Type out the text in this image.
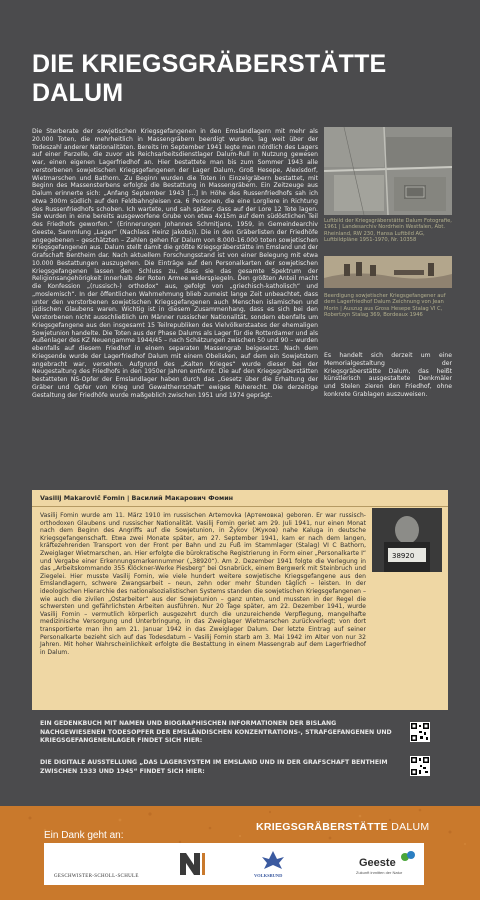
DIE KRIEGSGRÄBERSTÄTTE DALUM
Die Sterberate der sowjetischen Kriegsgefangenen in den Emslandlagern mit mehr als 20.000 Toten, die mehrheitlich in Massengräbern beerdigt wurden, lag weit über der Todeszahl anderer Nationalitäten. Bereits im September 1941 legte man nördlich des Lagers auf einer Parzelle, die zuvor als Reichsarbeitsdienstlager Dalum-Rull in Nutzung gewesen war, einen eigenen Lagerfriedhof an. Hier bestattete man bis zum Sommer 1943 alle verstorbenen sowjetischen Kriegsgefangenen der Lager Dalum, Groß Hesepe, Alexisdorf, Wietmarschen und Bathorn. Zu Beginn wurden die Toten in Einzelgräbern bestattet, mit Beginn des Massensterbens erfolgte die Bestattung in Massengräbern. Ein Zeitzeuge aus Dalum erinnerte sich: „Anfang September 1943 [...] In Höhe des Russenfriedhofs sah ich etwa 300m südlich auf den Feldbahngleisen ca. 6 Personen, die eine Lorgliere in Richtung des Russenfriedhofs schoben. Ich wartete, und sah später, dass auf der Lore 12 Tote lagen. Sie wurden in eine bereits ausgeworfene Grube von etwa 4x15m auf dem südöstlichen Teil des Friedhofs geworfen.“ (Erinnerungen Johannes Schmitjans, 1959, in Gemeindearchiv Geeste, Sammlung „Lager“ (Nachlass Heinz Jakobs)). Die in den Gräberlisten der Friedhöfe angegebenen – geschätzten – Zahlen gehen für Dalum von 8.000-16.000 toten sowjetischen Kriegsgefangenen aus. Dalum stellt damit die größte Kriegsgräberstätte im Emsland und der Grafschaft Bentheim dar. Nach aktuellem Forschungsstand ist von einer Belegung mit etwa 10.000 Bestattungen auszugehen. Die Einträge auf den Personalkarten der sowjetischen Kriegsgefangenen lassen den Schluss zu, dass sie das gesamte Spektrum der Religionsangehörigkeit innerhalb der Roten Armee widerspiegeln. Den größten Anteil macht die Konfession „(russisch-) orthodox“ aus, gefolgt von „griechisch-katholisch“ und „moslemisch“. In der öffentlichen Wahrnehmung blieb zumeist lange Zeit unbeachtet, dass unter den verstorbenen sowjetischen Kriegsgefangenen auch Menschen islamischen und jüdischen Glaubens waren. Wichtig ist in diesem Zusammenhang, dass es sich bei den Verstorbenen nicht ausschließlich um Männer russischer Nationalität, sondern ebenfalls um Kriegsgefangene aus den insgesamt 15 Teilrepubliken des Vielvölkerstaates der ehemaligen Sowjetunion handelte. Die Toten aus der Phase Dalums als Lager für die Rotterdamer und als Außenlager des KZ Neuengamme 1944/45 – nach Schätzungen zwischen 50 und 90 – wurden ebenfalls auf diesem Friedhof in einem separaten Massengrab beigesetzt. Nach dem Kriegsende wurde der Lagerfriedhof Dalum mit einem Obelisken, auf dem ein Sowjetstern angebracht war, versehen. Aufgrund des „Kalten Krieges“ wurde dieser bei der Neugestaltung des Friedhofs in den 1950er Jahren entfernt. Die auf den Kriegsgräberstätten bestatteten NS-Opfer der Emslandlager haben durch das „Gesetz über die Erhaltung der Gräber und Opfer von Krieg und Gewaltherrschaft“ ewiges Ruherecht. Die derzeitige Gestaltung der Friedhöfe wurde maßgeblich zwischen 1951 und 1974 geprägt.
Luftbild der Kriegsgräberstätte Dalum Fotografie, 1961 | Landesarchiv Nordrhein Westfalen, Abt. Rheinland, RW 230, Hansa Luftbild AG, Luftbildpläne 1951-1970, Nr. 10358
Beerdigung sowjetischer Kriegsgefangener auf dem Lagerfriedhof Dalum Zeichnung von Jean Morin | Auszug aus Gross Hesepe Stalag VI C, Robertzyn Stalag 369, Bordeaux 1946
Es handelt sich derzeit um eine Memorialgestaltung der Kriegsgräberstätte Dalum, das heißt künstlerisch ausgestaltete Denkmäler und Stelen zieren den Friedhof, ohne konkrete Grablagen auszuweisen.
Vasilij Makarovič Fomin | Василий Макарович Фомин
38920
Vasilij Fomin wurde am 11. März 1910 im russischen Artemovka (Артемовка) geboren. Er war russisch-orthodoxen Glaubens und russischer Nationalität. Vasilij Fomin geriet am 29. Juli 1941, nur einen Monat nach dem Beginn des Angriffs auf die Sowjetunion, in Žykov (Жуков) nahe Kaluga in deutsche Kriegsgefangenschaft. Etwa zwei Monate später, am 27. September 1941, kam er nach dem langen, kräftezehrenden Transport von der Front per Bahn und zu Fuß im Stammlager (Stalag) VI C Bathorn, Zweiglager Wietmarschen, an. Hier erfolgte die bürokratische Registrierung in Form einer „Personalkarte I“ und Vergabe einer Erkennungsmarkennummer („38920“). Am 2. Dezember 1941 folgte die Verlegung in das „Arbeitskommando 355 Klöckner-Werke Piesberg“ bei Osnabrück, einem Bergwerk mit Steinbruch und Ziegelei. Hier musste Vasilij Fomin, wie viele hundert weitere sowjetische Kriegsgefangene aus den Emslandlagern, schwere Zwangsarbeit – neun, zehn oder mehr Stunden täglich – leisten. In der ideologischen Hierarchie des nationalsozialistischen Systems standen die sowjetischen Kriegsgefangenen – wie auch die zivilen „Ostarbeiter“ aus der Sowjetunion – ganz unten, und mussten in der Regel die schwersten und gefährlichsten Arbeiten ausführen. Nur 20 Tage später, am 22. Dezember 1941, wurde Vasilij Fomin – vermutlich körperlich ausgezehrt durch die unzureichende Verpflegung, mangelhafte medizinische Versorgung und Unterbringung, in das Zweiglager Wietmarschen zurückverlegt; von dort transportierte man ihn am 21. Januar 1942 in das Zweiglager Dalum. Der letzte Eintrag auf seiner Personalkarte bezieht sich auf das Todesdatum – Vasilij Fomin starb am 3. Mai 1942 im Alter von nur 32 Jahren. Mit hoher Wahrscheinlichkeit erfolgte die Bestattung in einem Massengrab auf dem Lagerfriedhof in Dalum.
EIN GEDENKBUCH MIT NAMEN UND BIOGRAPHISCHEN INFORMATIONEN DER BISLANG NACHGEWIESENEN TODESOPFER DER EMSLÄNDISCHEN KONZENTRATIONS-, STRAFGEFANGENEN UND KRIEGSGEFANGENENLAGER FINDET SICH HIER:
DIE DIGITALE AUSSTELLUNG „DAS LAGERSYSTEM IM EMSLAND UND IN DER GRAFSCHAFT BENTHEIM ZWISCHEN 1933 UND 1945“ FINDET SICH HIER:
KRIEGSGRÄBERSTÄTTE DALUM
Ein Dank geht an:
GESCHWISTER-SCHOLL-SCHULE	VOLKSBUND
Geeste
Zukunft inmitten der Natur
